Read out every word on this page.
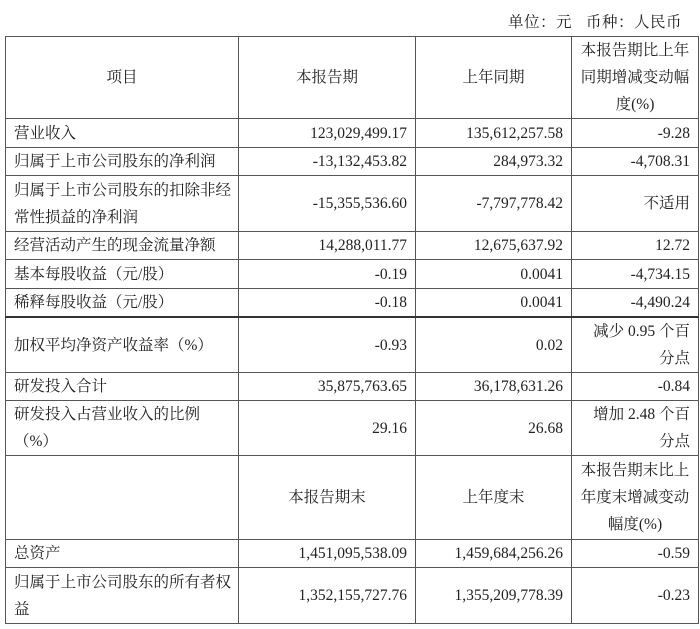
单位：元 币种：人民币
项目	本报告期	上年同期	本报告期比上年同期增减变动幅度(%)
营业收入	123,029,499.17	135,612,257.58	-9.28
归属于上市公司股东的净利润	-13,132,453.82	284,973.32	-4,708.31
归属于上市公司股东的扣除非经常性损益的净利润	-15,355,536.60	-7,797,778.42	不适用
经营活动产生的现金流量净额	14,288,011.77	12,675,637.92	12.72
基本每股收益（元/股）	-0.19	0.0041	-4,734.15
稀释每股收益（元/股）	-0.18	0.0041	-4,490.24
加权平均净资产收益率（%）	-0.93	0.02	减少 0.95 个百分点
研发投入合计	35,875,763.65	36,178,631.26	-0.84
研发投入占营业收入的比例（%）	29.16	26.68	增加 2.48 个百分点
	本报告期末	上年度末	本报告期末比上年度末增减变动幅度(%)
总资产	1,451,095,538.09	1,459,684,256.26	-0.59
归属于上市公司股东的所有者权益	1,352,155,727.76	1,355,209,778.39	-0.23
